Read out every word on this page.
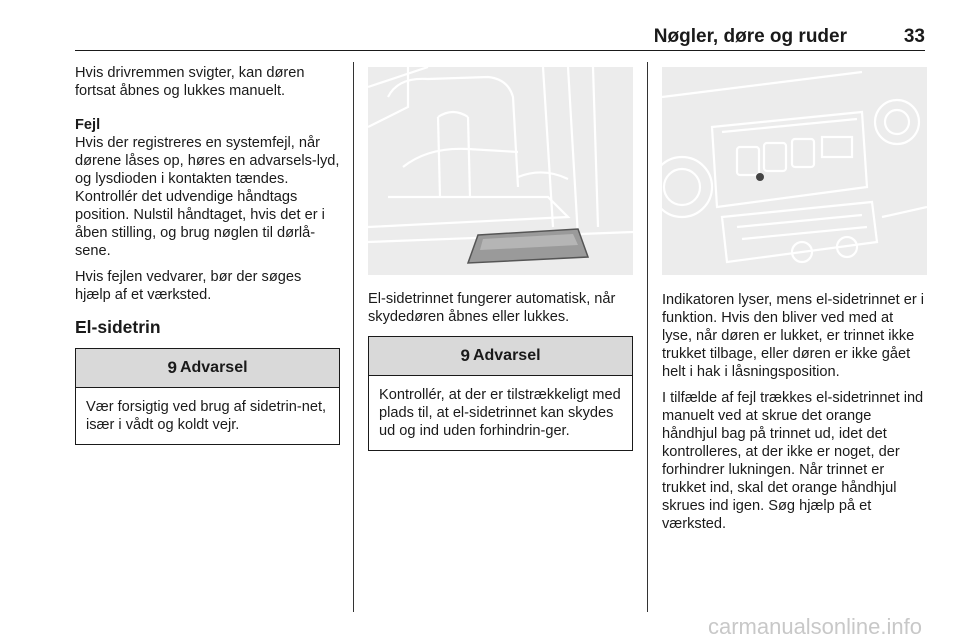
Nøgler, døre og ruder	33

Hvis drivremmen svigter, kan døren fortsat åbnes og lukkes manuelt.

Fejl

Hvis der registreres en systemfejl, når dørene låses op, høres en advarsels-lyd, og lysdioden i kontakten tændes. Kontrollér det udvendige håndtags position. Nulstil håndtaget, hvis det er i åben stilling, og brug nøglen til dørlå-sene.

Hvis fejlen vedvarer, bør der søges hjælp af et værksted.

El-sidetrin
9 Advarsel
Vær forsigtig ved brug af sidetrin-net, især i vådt og koldt vejr.

El-sidetrinnet fungerer automatisk, når skydedøren åbnes eller lukkes.

9 Advarsel
Kontrollér, at der er tilstrækkeligt med plads til, at el-sidetrinnet kan skydes ud og ind uden forhindrin-ger.

Indikatoren lyser, mens el-sidetrinnet er i funktion. Hvis den bliver ved med at lyse, når døren er lukket, er trinnet ikke trukket tilbage, eller døren er ikke gået helt i hak i låsningsposition.

I tilfælde af fejl trækkes el-sidetrinnet ind manuelt ved at skrue det orange håndhjul bag på trinnet ud, idet det kontrolleres, at der ikke er noget, der forhindrer lukningen. Når trinnet er trukket ind, skal det orange håndhjul skrues ind igen. Søg hjælp på et værksted.

carmanualsonline.info
